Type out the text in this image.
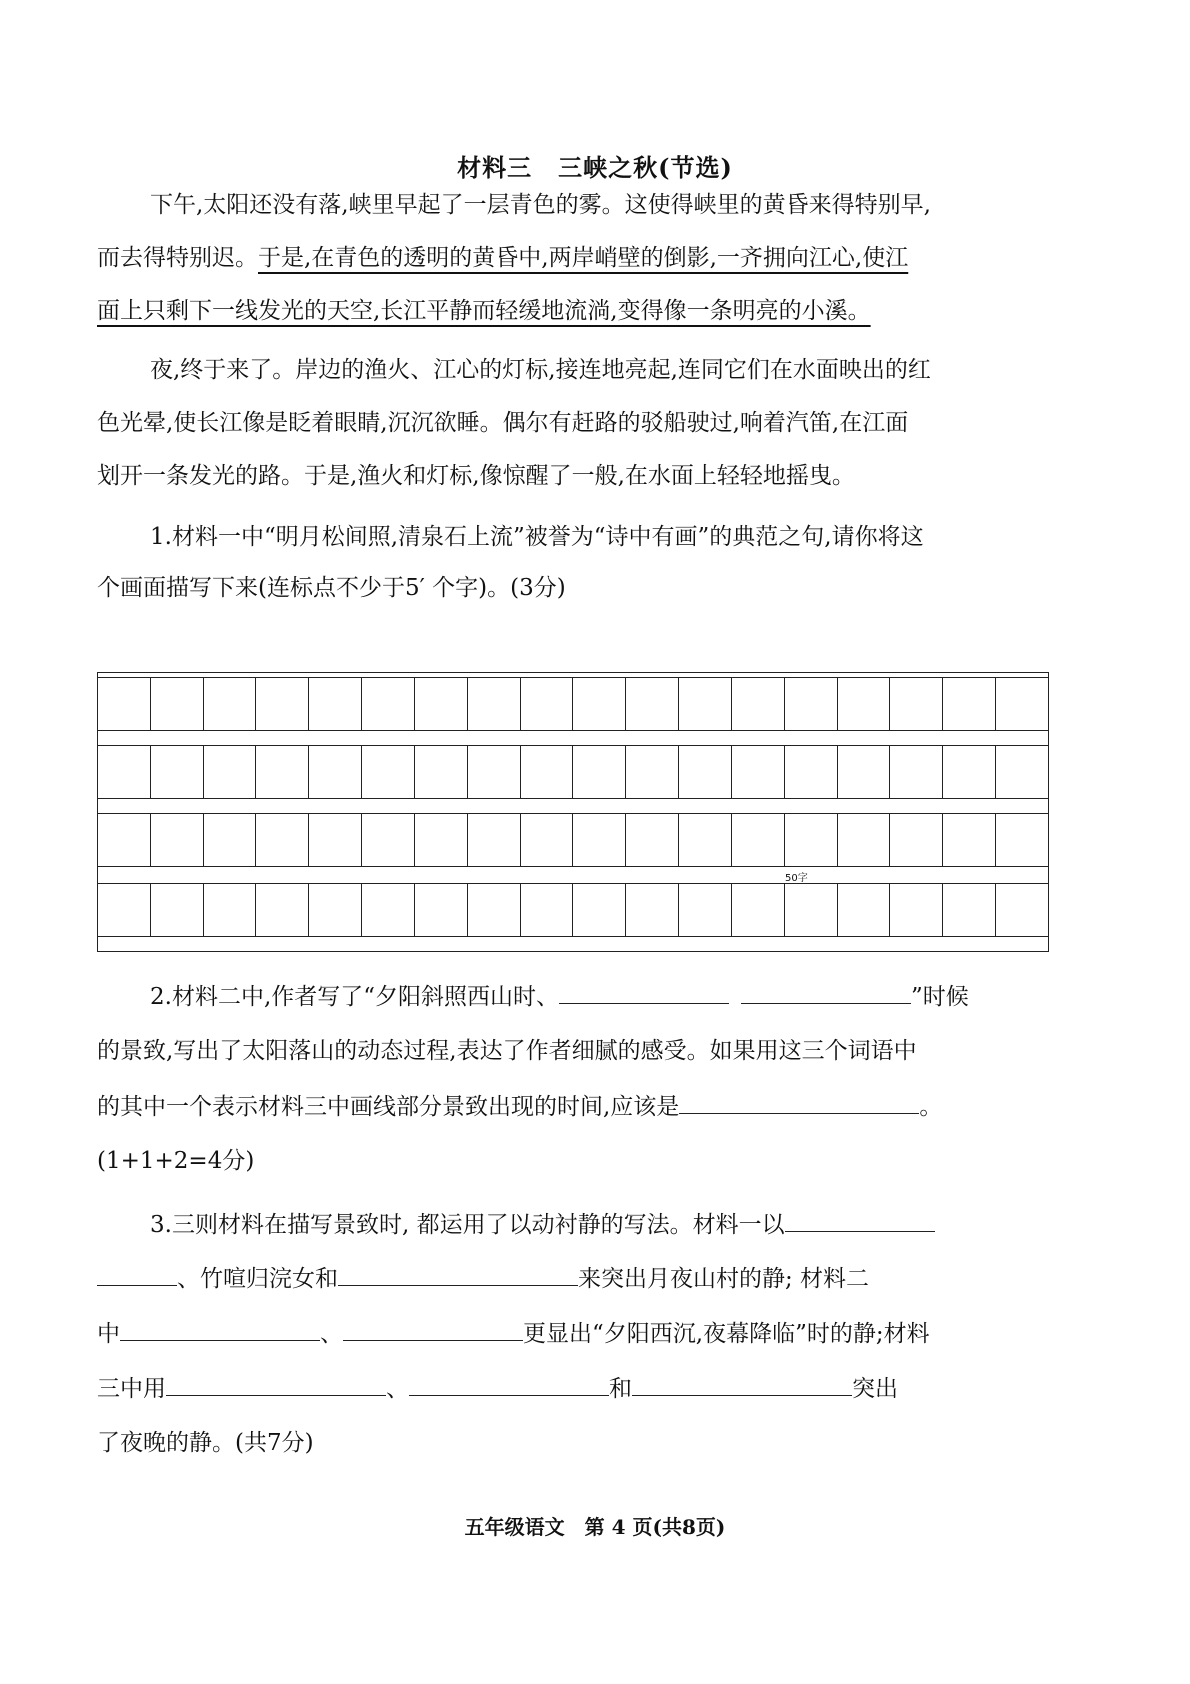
材料三 三峡之秋(节选)
下午,太阳还没有落,峡里早起了一层青色的雾。这使得峡里的黄昏来得特别早,
而去得特别迟。于是,在青色的透明的黄昏中,两岸峭壁的倒影,一齐拥向江心,使江
面上只剩下一线发光的天空,长江平静而轻缓地流淌,变得像一条明亮的小溪。
夜,终于来了。岸边的渔火、江心的灯标,接连地亮起,连同它们在水面映出的红
色光晕,使长江像是眨着眼睛,沉沉欲睡。偶尔有赶路的驳船驶过,响着汽笛,在江面
划开一条发光的路。于是,渔火和灯标,像惊醒了一般,在水面上轻轻地摇曳。
1.材料一中“明月松间照,清泉石上流”被誉为“诗中有画”的典范之句,请你将这
个画面描写下来(连标点不少于5′ 个字)。(3分)
50字
2.材料二中,作者写了“夕阳斜照西山时、	”时候
的景致,写出了太阳落山的动态过程,表达了作者细腻的感受。如果用这三个词语中
的其中一个表示材料三中画线部分景致出现的时间,应该是	。
(1+1+2=4分)
3.三则材料在描写景致时, 都运用了以动衬静的写法。材料一以
、竹喧归浣女和	来突出月夜山村的静; 材料二
中	、	更显出“夕阳西沉,夜幕降临”时的静;材料
三中用	、	和	突出
了夜晚的静。(共7分)
五年级语文　第 4 页(共8页)
